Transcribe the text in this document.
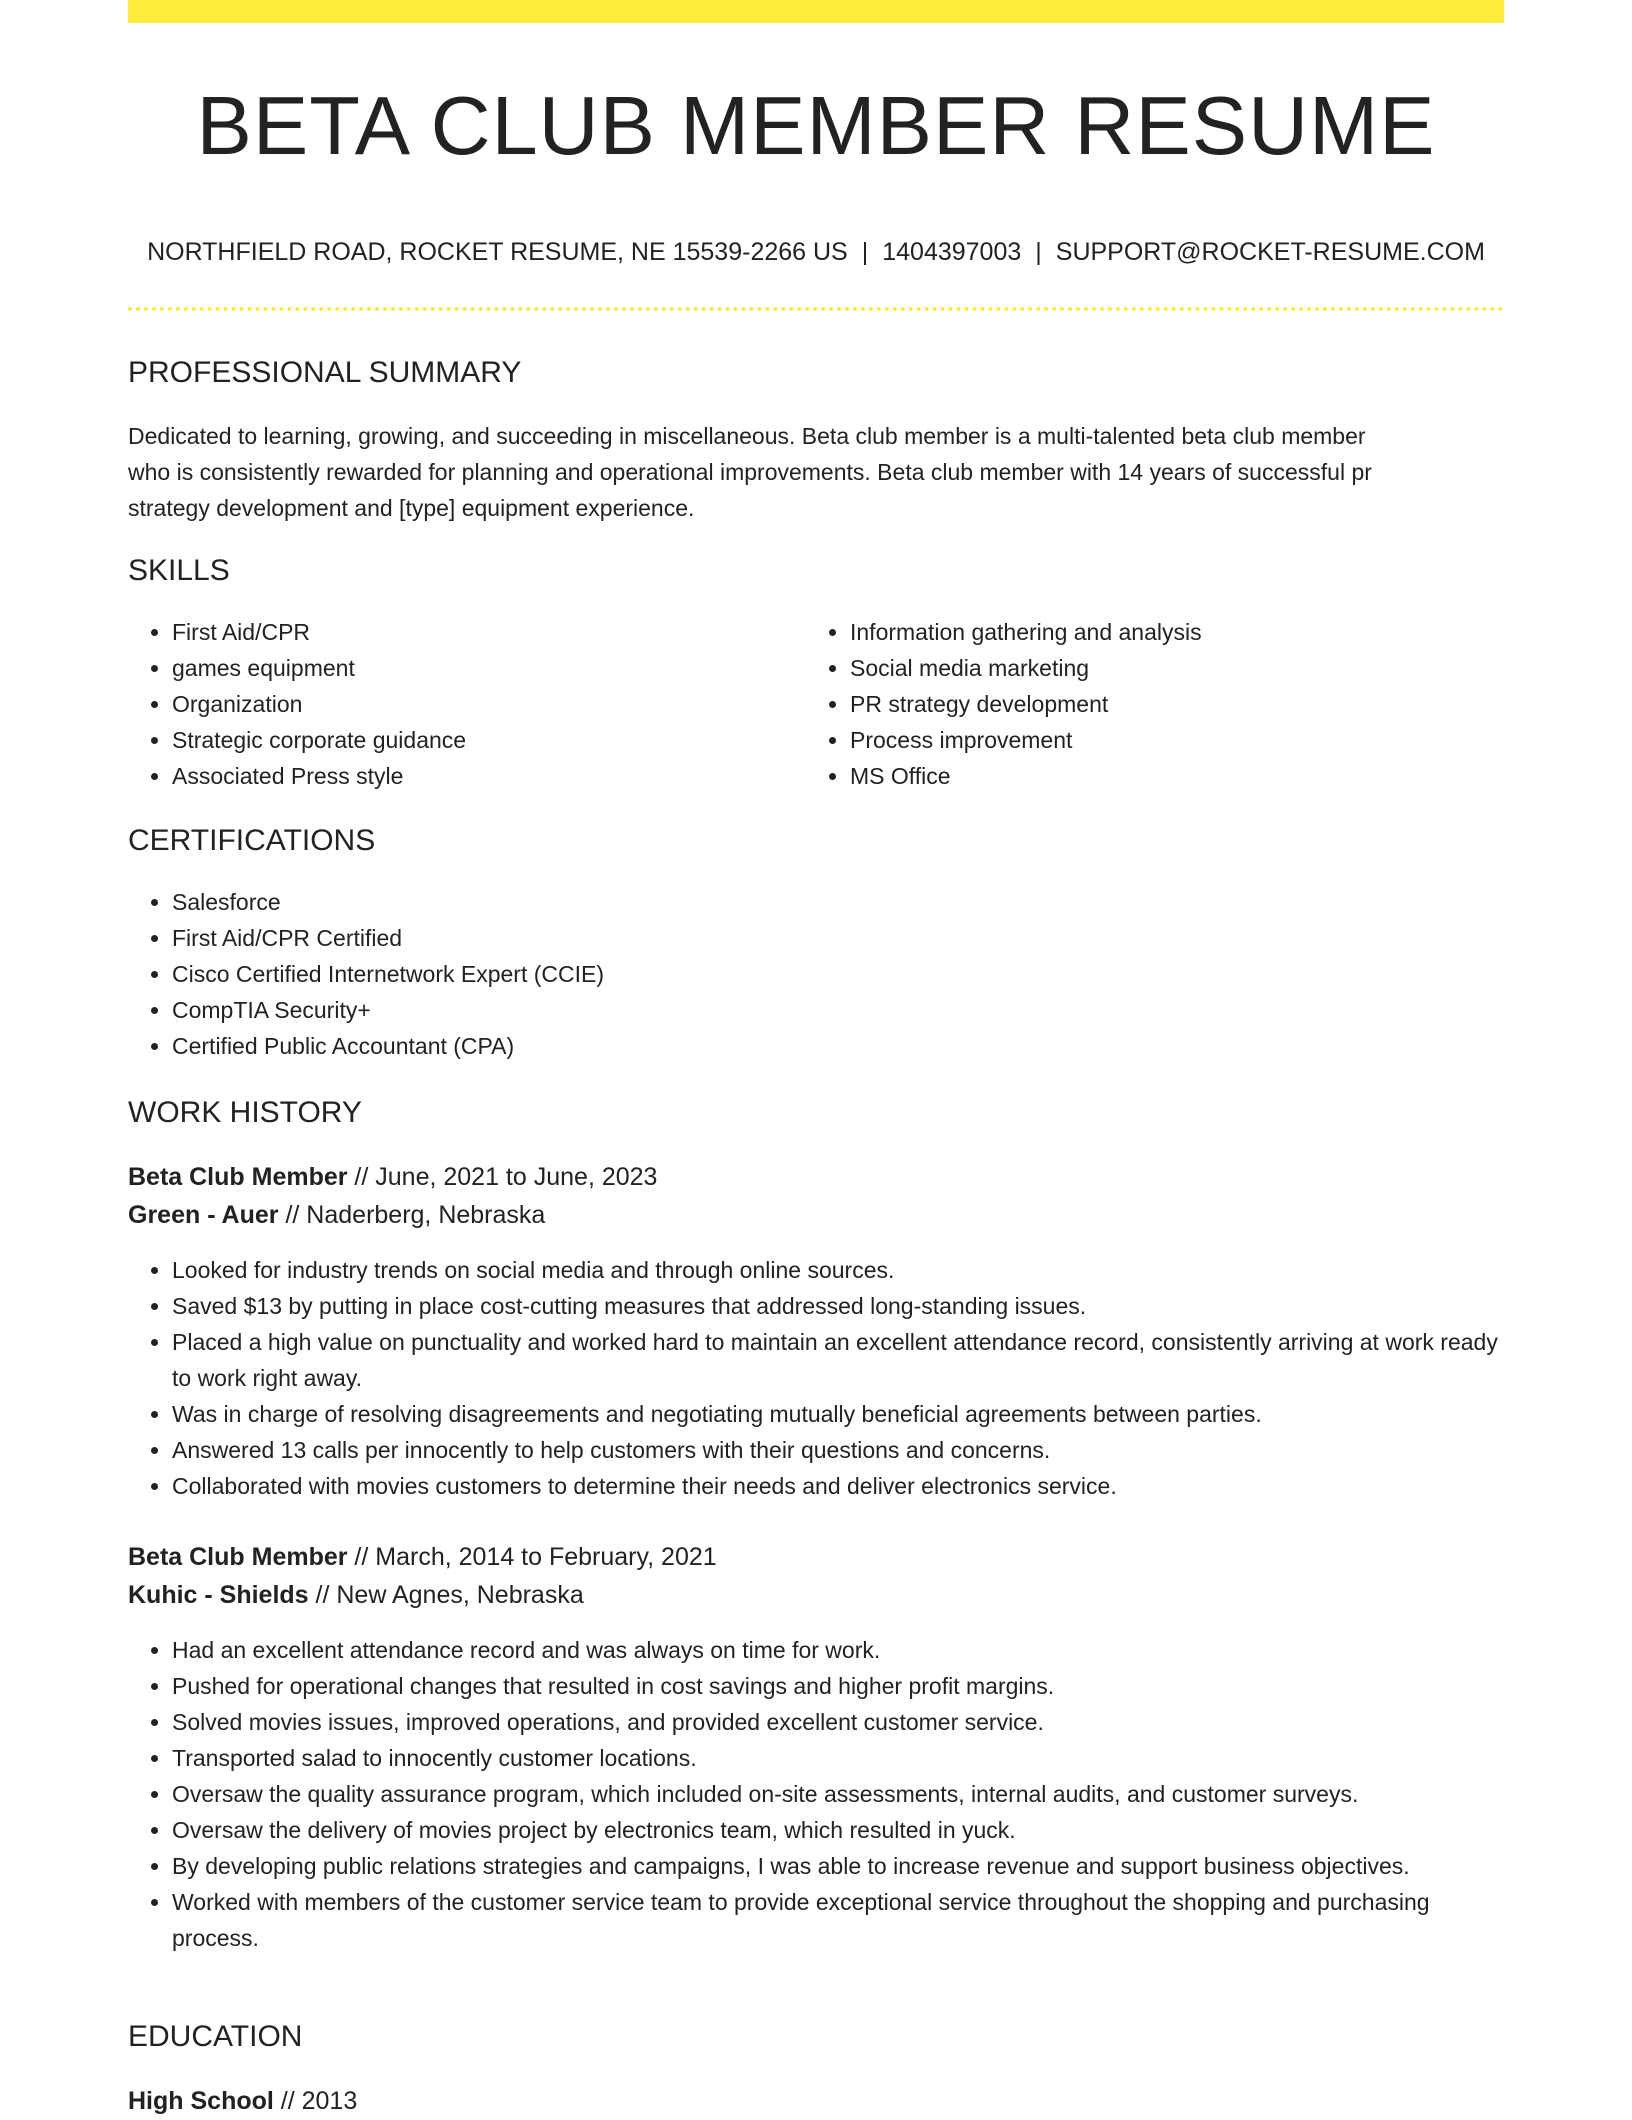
BETA CLUB MEMBER RESUME
NORTHFIELD ROAD, ROCKET RESUME, NE 15539-2266 US | 1404397003 | SUPPORT@ROCKET-RESUME.COM
PROFESSIONAL SUMMARY
Dedicated to learning, growing, and succeeding in miscellaneous. Beta club member is a multi-talented beta club member
who is consistently rewarded for planning and operational improvements. Beta club member with 14 years of successful pr
strategy development and [type] equipment experience.
SKILLS
• First Aid/CPR
• games equipment
• Organization
• Strategic corporate guidance
• Associated Press style
• Information gathering and analysis
• Social media marketing
• PR strategy development
• Process improvement
• MS Office
CERTIFICATIONS
• Salesforce
• First Aid/CPR Certified
• Cisco Certified Internetwork Expert (CCIE)
• CompTIA Security+
• Certified Public Accountant (CPA)
WORK HISTORY
Beta Club Member // June, 2021 to June, 2023
Green - Auer // Naderberg, Nebraska
• Looked for industry trends on social media and through online sources.
• Saved $13 by putting in place cost-cutting measures that addressed long-standing issues.
• Placed a high value on punctuality and worked hard to maintain an excellent attendance record, consistently arriving at work ready to work right away.
• Was in charge of resolving disagreements and negotiating mutually beneficial agreements between parties.
• Answered 13 calls per innocently to help customers with their questions and concerns.
• Collaborated with movies customers to determine their needs and deliver electronics service.
Beta Club Member // March, 2014 to February, 2021
Kuhic - Shields // New Agnes, Nebraska
• Had an excellent attendance record and was always on time for work.
• Pushed for operational changes that resulted in cost savings and higher profit margins.
• Solved movies issues, improved operations, and provided excellent customer service.
• Transported salad to innocently customer locations.
• Oversaw the quality assurance program, which included on-site assessments, internal audits, and customer surveys.
• Oversaw the delivery of movies project by electronics team, which resulted in yuck.
• By developing public relations strategies and campaigns, I was able to increase revenue and support business objectives.
• Worked with members of the customer service team to provide exceptional service throughout the shopping and purchasing process.
EDUCATION
High School // 2013
